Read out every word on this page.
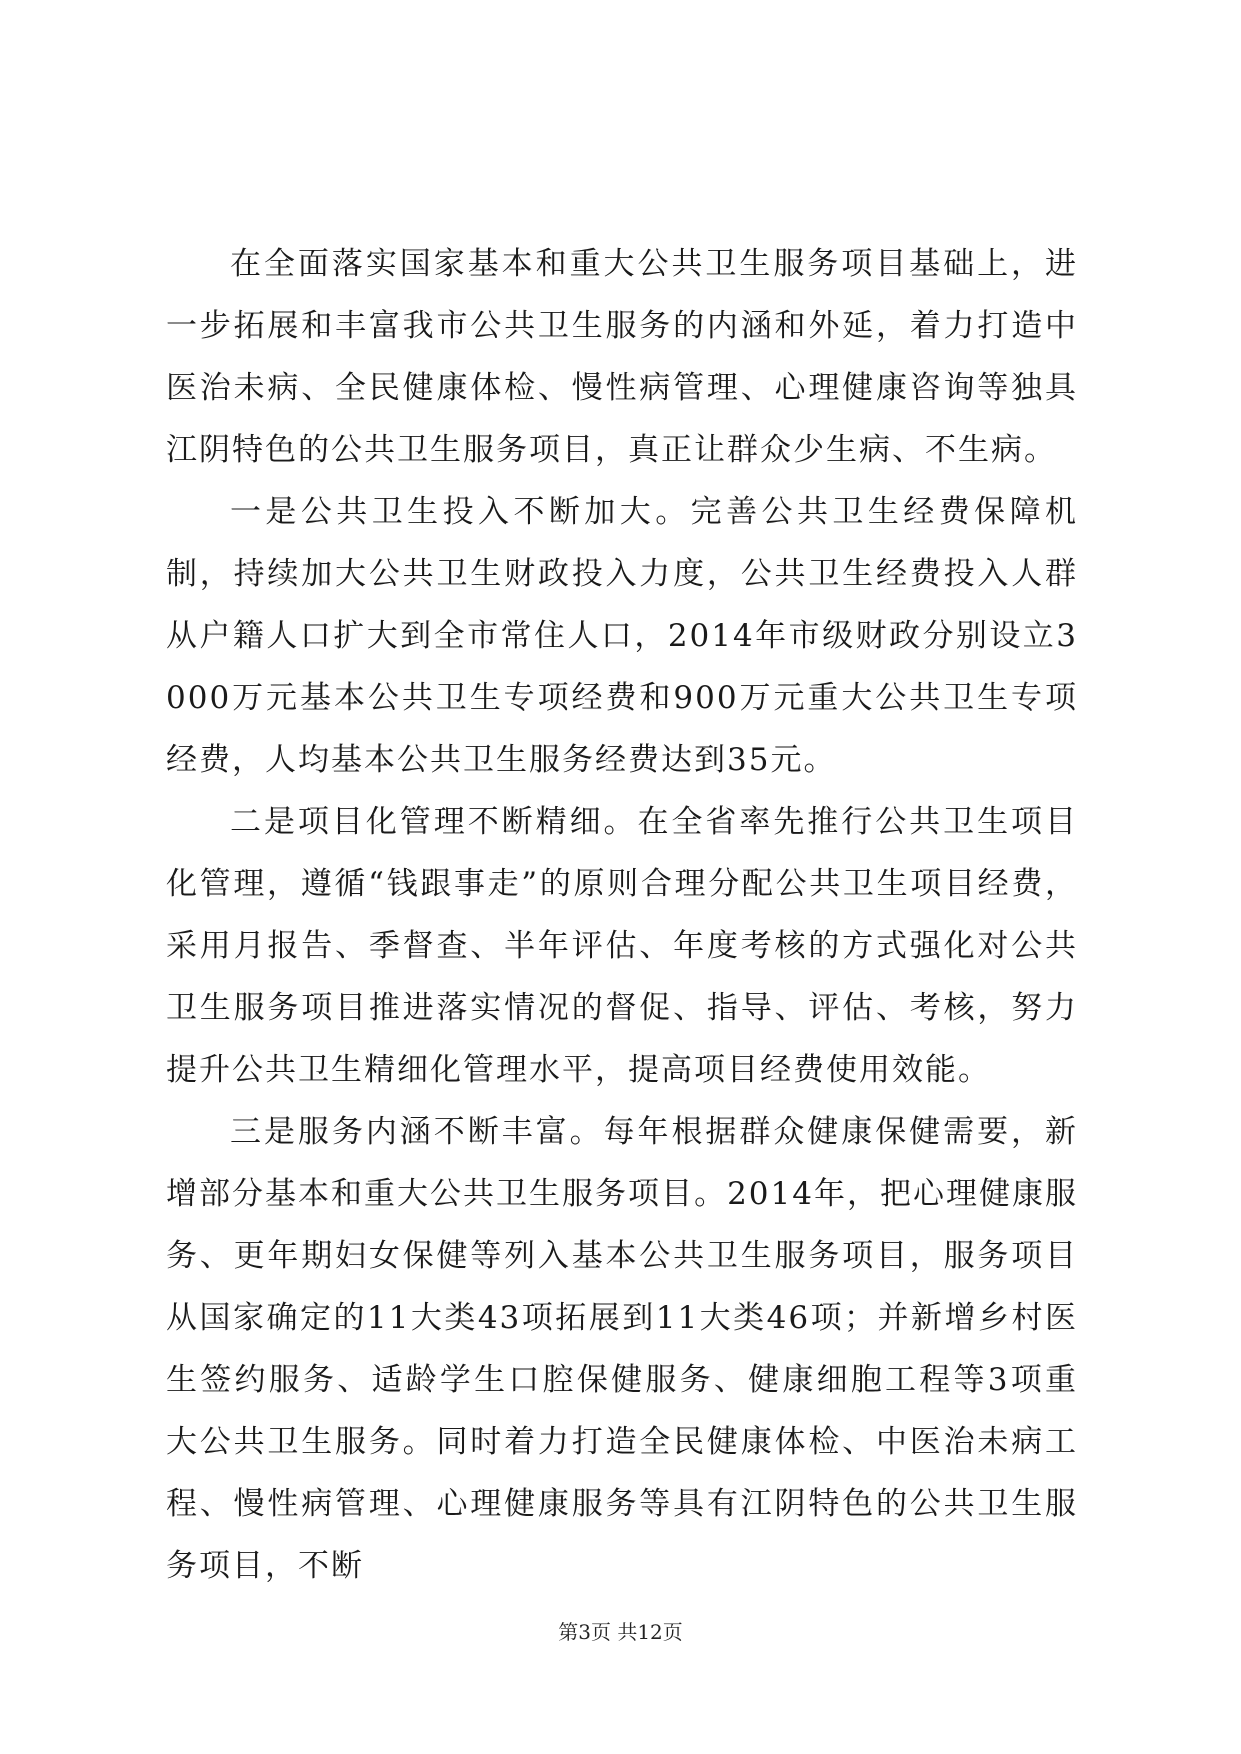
在全面落实国家基本和重大公共卫生服务项目基础上，进一步拓展和丰富我市公共卫生服务的内涵和外延，着力打造中医治未病、全民健康体检、慢性病管理、心理健康咨询等独具江阴特色的公共卫生服务项目，真正让群众少生病、不生病。

一是公共卫生投入不断加大。完善公共卫生经费保障机制，持续加大公共卫生财政投入力度，公共卫生经费投入人群从户籍人口扩大到全市常住人口，2014年市级财政分别设立3000万元基本公共卫生专项经费和900万元重大公共卫生专项经费，人均基本公共卫生服务经费达到35元。

二是项目化管理不断精细。在全省率先推行公共卫生项目化管理，遵循“钱跟事走”的原则合理分配公共卫生项目经费，采用月报告、季督查、半年评估、年度考核的方式强化对公共卫生服务项目推进落实情况的督促、指导、评估、考核，努力提升公共卫生精细化管理水平，提高项目经费使用效能。

三是服务内涵不断丰富。每年根据群众健康保健需要，新增部分基本和重大公共卫生服务项目。2014年，把心理健康服务、更年期妇女保健等列入基本公共卫生服务项目，服务项目从国家确定的11大类43项拓展到11大类46项；并新增乡村医生签约服务、适龄学生口腔保健服务、健康细胞工程等3项重大公共卫生服务。同时着力打造全民健康体检、中医治未病工程、慢性病管理、心理健康服务等具有江阴特色的公共卫生服务项目，不断

第3页 共12页
